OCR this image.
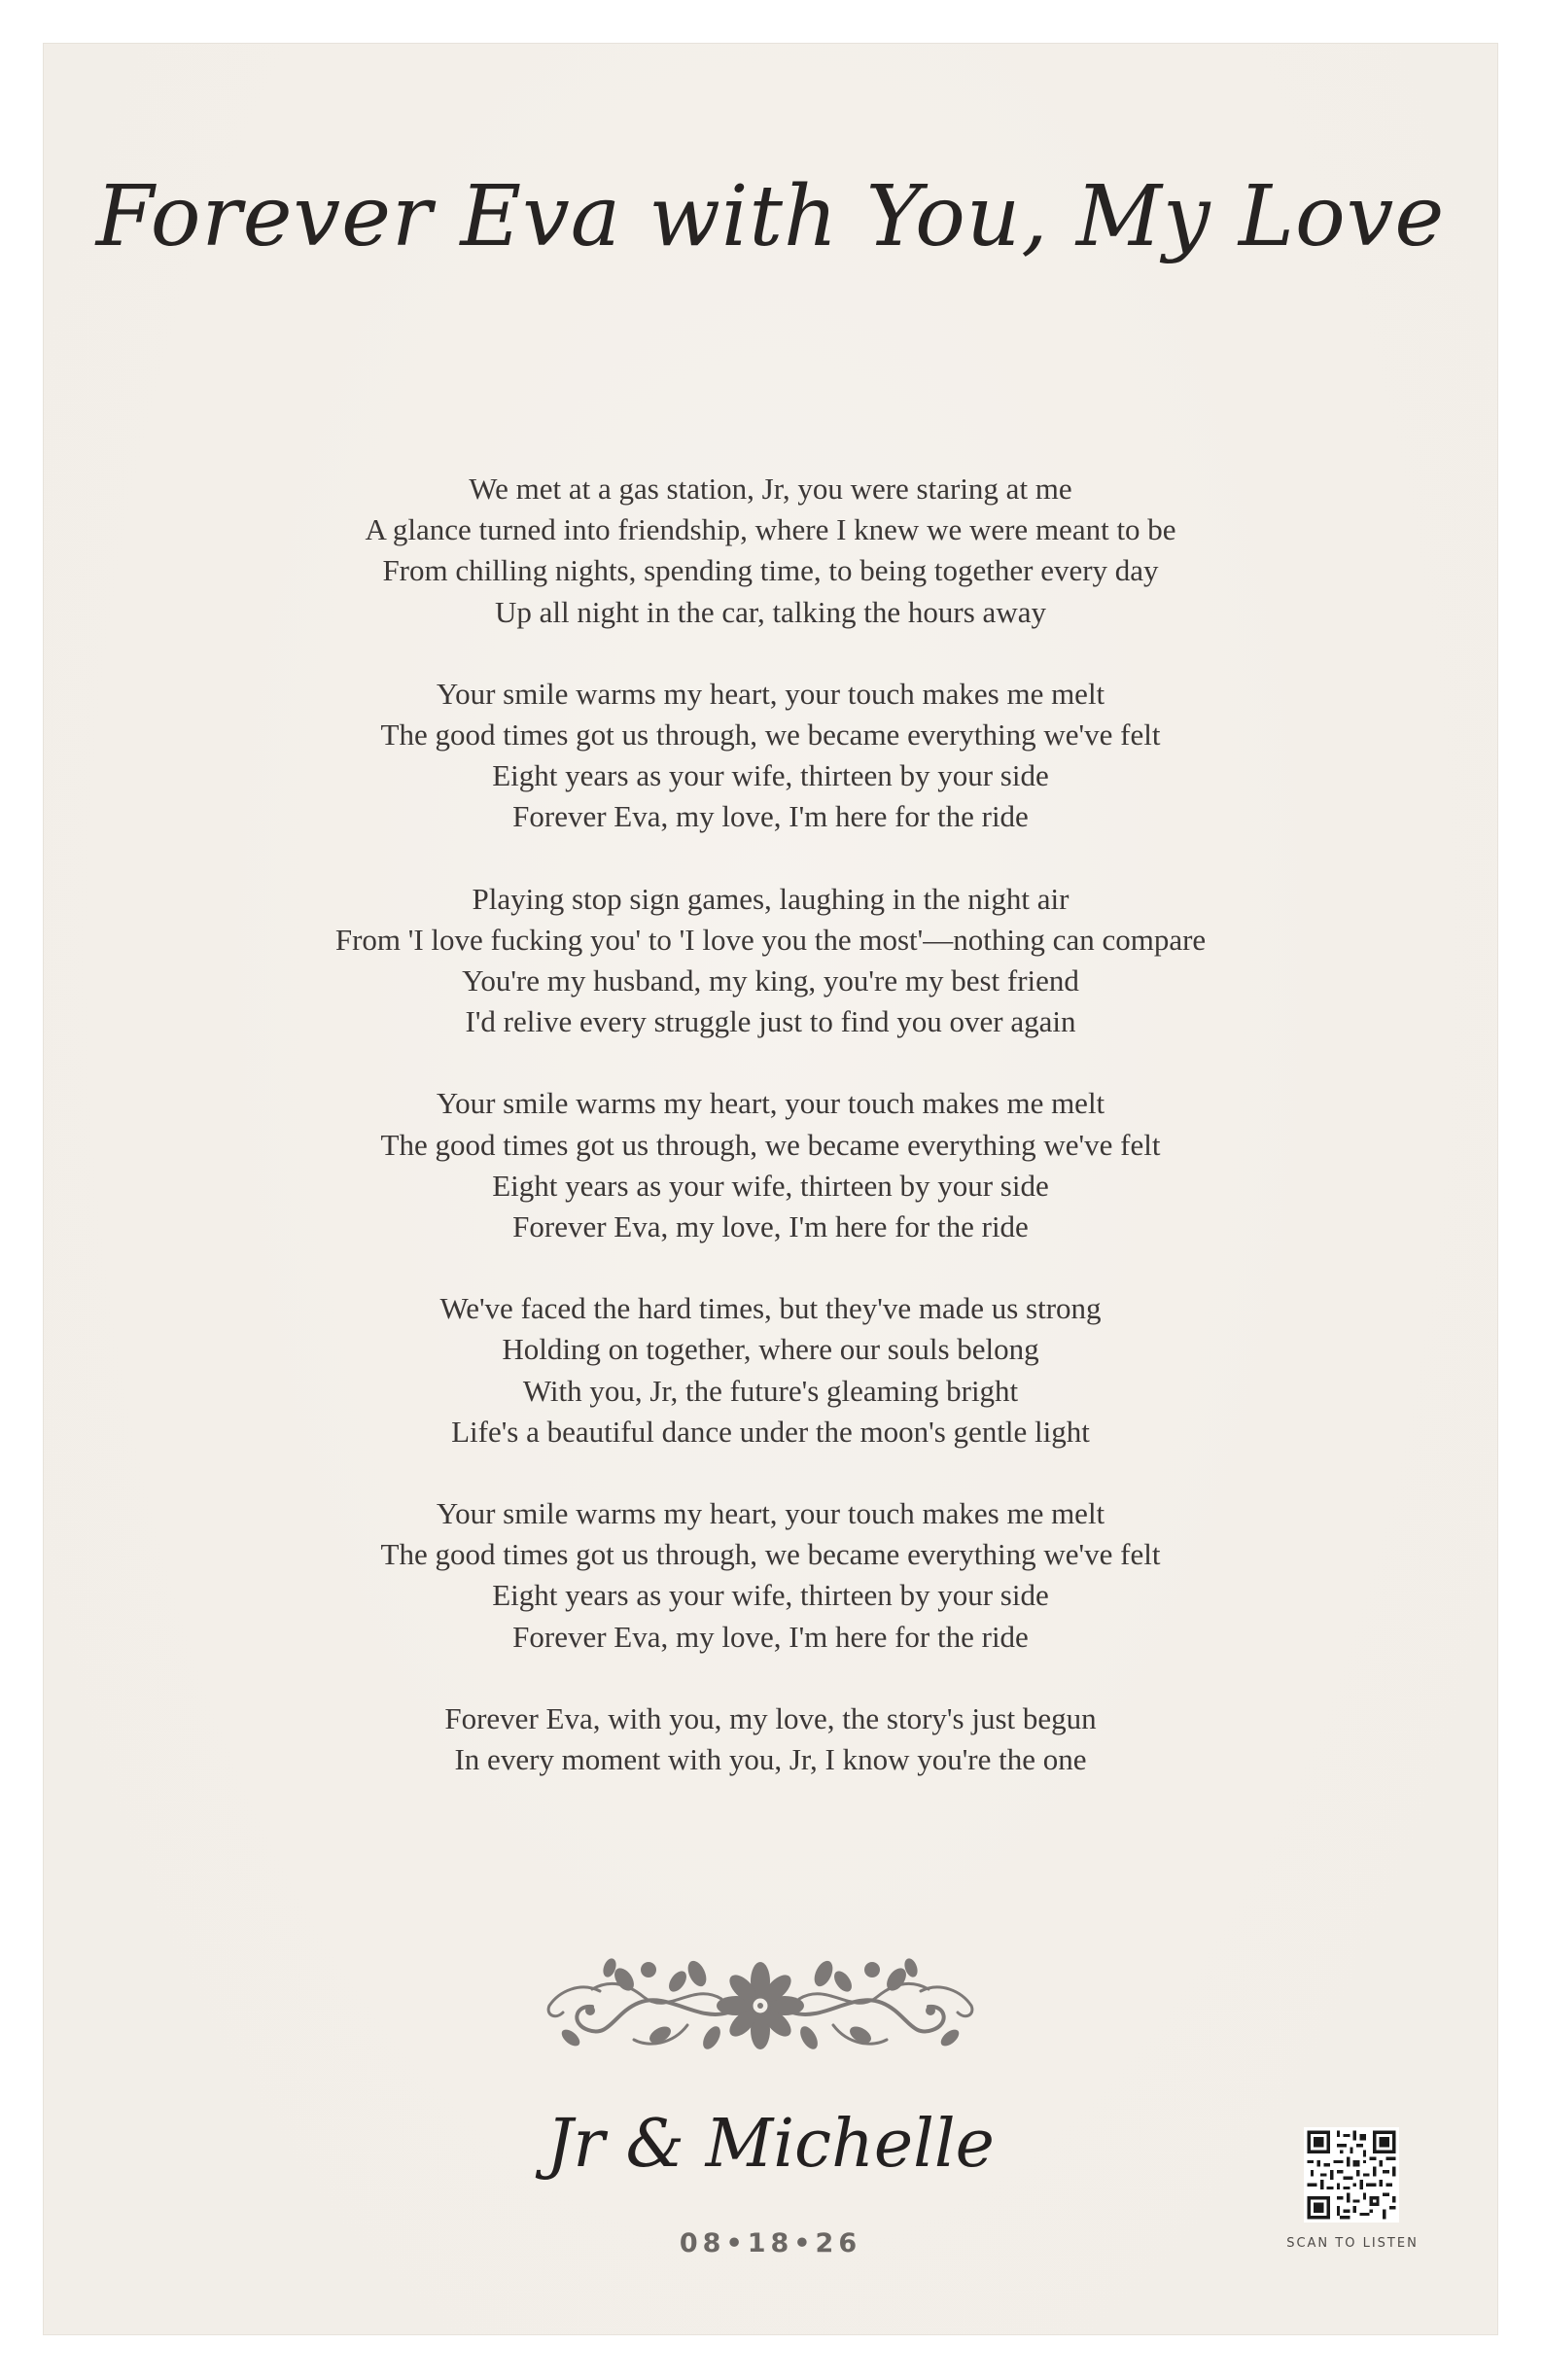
Forever Eva with You, My Love
We met at a gas station, Jr, you were staring at me
A glance turned into friendship, where I knew we were meant to be
From chilling nights, spending time, to being together every day
Up all night in the car, talking the hours away
Your smile warms my heart, your touch makes me melt
The good times got us through, we became everything we've felt
Eight years as your wife, thirteen by your side
Forever Eva, my love, I'm here for the ride
Playing stop sign games, laughing in the night air
From 'I love fucking you' to 'I love you the most'—nothing can compare
You're my husband, my king, you're my best friend
I'd relive every struggle just to find you over again
Your smile warms my heart, your touch makes me melt
The good times got us through, we became everything we've felt
Eight years as your wife, thirteen by your side
Forever Eva, my love, I'm here for the ride
We've faced the hard times, but they've made us strong
Holding on together, where our souls belong
With you, Jr, the future's gleaming bright
Life's a beautiful dance under the moon's gentle light
Your smile warms my heart, your touch makes me melt
The good times got us through, we became everything we've felt
Eight years as your wife, thirteen by your side
Forever Eva, my love, I'm here for the ride
Forever Eva, with you, my love, the story's just begun
In every moment with you, Jr, I know you're the one
Jr & Michelle
08•18•26	SCAN TO LISTEN
